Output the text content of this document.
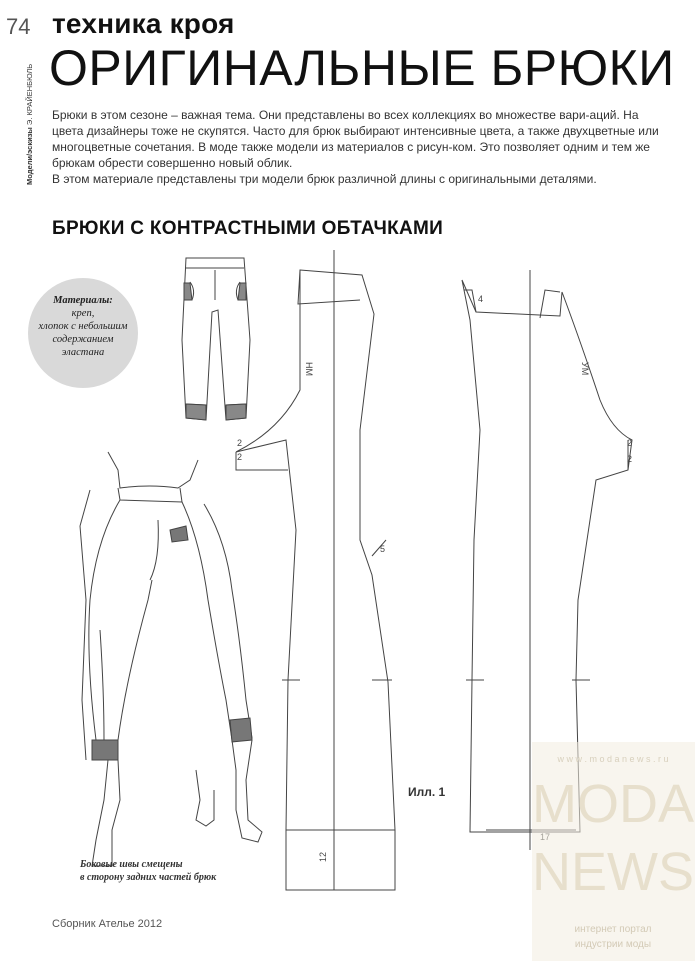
74 техника кроя
ОРИГИНАЛЬНЫЕ БРЮКИ
Модели/эскизы Э. КРАЙЕНБЮЛЬ Брюки в этом сезоне – важная тема. Они представлены во всех коллекциях во множестве вари-аций. На цвета дизайнеры тоже не скупятся. Часто для брюк выбирают интенсивные цвета, а также двухцветные или многоцветные сочетания. В моде также модели из материалов с рисун-ком. Это позволяет одним и тем же брюкам обрести совершенно новый облик.

В этом материале представлены три модели брюк различной длины с оригинальными деталями.

БРЮКИ С КОНТРАСТНЫМИ ОБТАЧКАМИ
НМ	УМ
4
5
2
2
2
2
12
Материалы:
креп,
хлопок с небольшим
содержанием
эластана
Илл. 1
Боковые швы смещены
в сторону задних частей брюк
Сборник Ателье 2012
w w w . m o d a n e w s . r u
MODA
NEWS
интернет портал
индустрии моды
